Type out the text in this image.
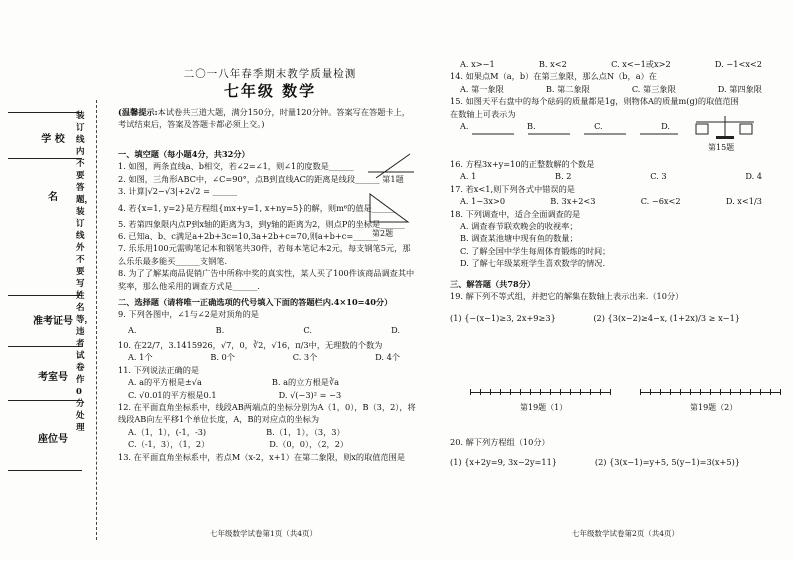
学 校
名
准考证号
考室号
座位号
装订线内不要答题，装订线外不要写姓名等，违者试卷作0分处理
二〇一八年春季期末教学质量检测
七年级 数学
(温馨提示:本试卷共三道大题，满分150分，时量120分钟。答案写在答题卡上，考试结束后，答案及答题卡都必须上交。)
一、填空题（每小题4分，共32分）
1. 如图，两条直线a、b相交，若∠2=∠1，则∠1的度数是______
2. 如图，三角形ABC中，∠C=90°，点B到直线AC的距离是线段______ 第1题
3. 计算|√2−√3|+2√2 = ______
4. 若{x=1, y=2}是方程组{mx+y=1, x+ny=5}的解，则m⁶的值是______
5. 若第四象限内点P到x轴的距离为3，到y轴的距离为2，则点P的坐标是______
6. 已知a、b、c满足a+2b+3c=10,3a+2b+c=70,则a+b+c=______
7. 乐乐用100元需购笔记本和钢笔共30件，若每本笔记本2元，每支钢笔5元，那么乐乐最多能买______支钢笔.
8. 为了了解某商品促销广告中所称中奖的真实性，某人买了100件该商品调查其中奖率，那么他采用的调查方式是______.
二、选择题（请将唯一正确选项的代号填入下面的答题栏内.4×10=40分）
9. 下列各图中，∠1与∠2是对顶角的是
A.	B.	C.	D.
10. 在22/7，3.1415926，√7，0，∛2，√16，π/3中，无理数的个数为
A. 1个	B. 0个	C. 3个	D. 4个
11. 下列说法正确的是
A. a的平方根是±√a	B. a的立方根是∛a
C. √0.01的平方根是0.1	D. √(−3)² = −3
12. 在平面直角坐标系中，线段AB两端点的坐标分别为A（1，0），B（3，2），将线段AB向左平移1个单位长度，A，B的对应点的坐标为
A.（1，1），(-1，-3)	B.（1，1），（3，3）
C.（-1，3），（1，2）	D.（0，0），（2，2）
13. 在平面直角坐标系中，若点M（x-2，x+1）在第二象限，则x的取值范围是
第2题
七年级数学试卷第1页（共4页）
A. x>−1	B. x<2	C. x<−1或x>2	D. −1<x<2
14. 如果点M（a，b）在第三象限，那么点N（b，a）在
A. 第一象限	B. 第二象限	C. 第三象限	D. 第四象限
15. 如图天平右盘中的每个砝码的质量都是1g，则物体A的质量m(g)的取值范围在数轴上可表示为
A.	B.	C.	D.
16. 方程3x+y=10的正整数解的个数是
A. 1	B. 2	C. 3	D. 4
17. 若x<1,则下列各式中错误的是
A. 1−3x>0	B. 3x+2<3	C. −6x<2	D. x<1/3
18. 下列调查中，适合全面调查的是
A. 调查春节联欢晚会的收视率；
B. 调查某池塘中现有鱼的数量；
C. 了解全国中学生每周体育锻炼的时间；
D. 了解七年级某班学生喜欢数学的情况.
三、解答题（共78分）
19. 解下列不等式组，并把它的解集在数轴上表示出来.（10分）
(1) {−(x−1)≥3, 2x+9≥3}	(2) {3(x−2)≥4−x, (1+2x)/3 ≥ x−1}
第15题
第19题（1）	第19题（2）
20. 解下列方程组（10分）
(1) {x+2y=9, 3x−2y=11}	(2) {3(x−1)=y+5, 5(y−1)=3(x+5)}
七年级数学试卷第2页（共4页）
